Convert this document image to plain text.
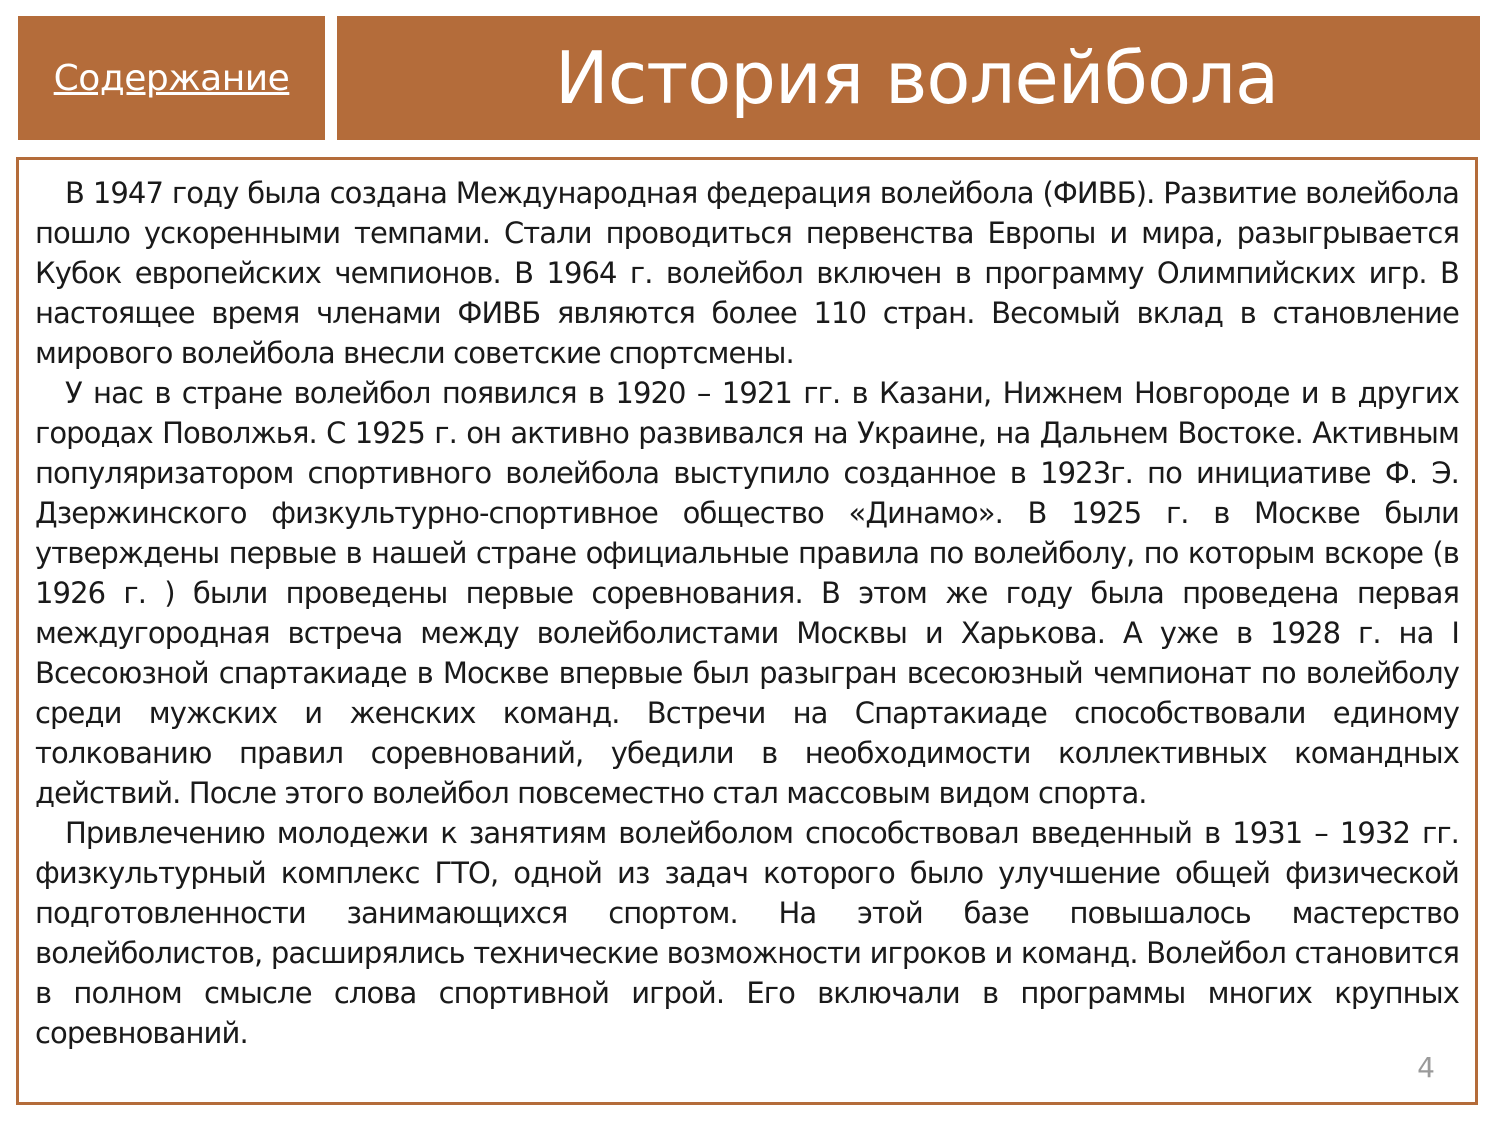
Содержание	История волейбола

В 1947 году была создана Международная федерация волейбола (ФИВБ). Развитие волейбола пошло ускоренными темпами. Стали проводиться первенства Европы и мира, разыгрывается Кубок европейских чемпионов. В 1964 г. волейбол включен в программу Олимпийских игр. В настоящее время членами ФИВБ являются более 110 стран. Весомый вклад в становление мирового волейбола внесли советские спортсмены.

У нас в стране волейбол появился в 1920 – 1921 гг. в Казани, Нижнем Новгороде и в других городах Поволжья. С 1925 г. он активно развивался на Украине, на Дальнем Востоке. Активным популяризатором спортивного волейбола выступило созданное в 1923г. по инициативе Ф. Э. Дзержинского физкультурно-спортивное общество «Динамо». В 1925 г. в Москве были утверждены первые в нашей стране официальные правила по волейболу, по которым вскоре (в 1926 г. ) были проведены первые соревнования. В этом же году была проведена первая междугородная встреча между волейболистами Москвы и Харькова. А уже в 1928 г. на I Всесоюзной спартакиаде в Москве впервые был разыгран всесоюзный чемпионат по волейболу среди мужских и женских команд. Встречи на Спартакиаде способствовали единому толкованию правил соревнований, убедили в необходимости коллективных командных действий. После этого волейбол повсеместно стал массовым видом спорта.

Привлечению молодежи к занятиям волейболом способствовал введенный в 1931 – 1932 гг. физкультурный комплекс ГТО, одной из задач которого было улучшение общей физической подготовленности занимающихся спортом. На этой базе повышалось мастерство волейболистов, расширялись технические возможности игроков и команд. Волейбол становится в полном смысле слова спортивной игрой. Его включали в программы многих крупных соревнований.

4
